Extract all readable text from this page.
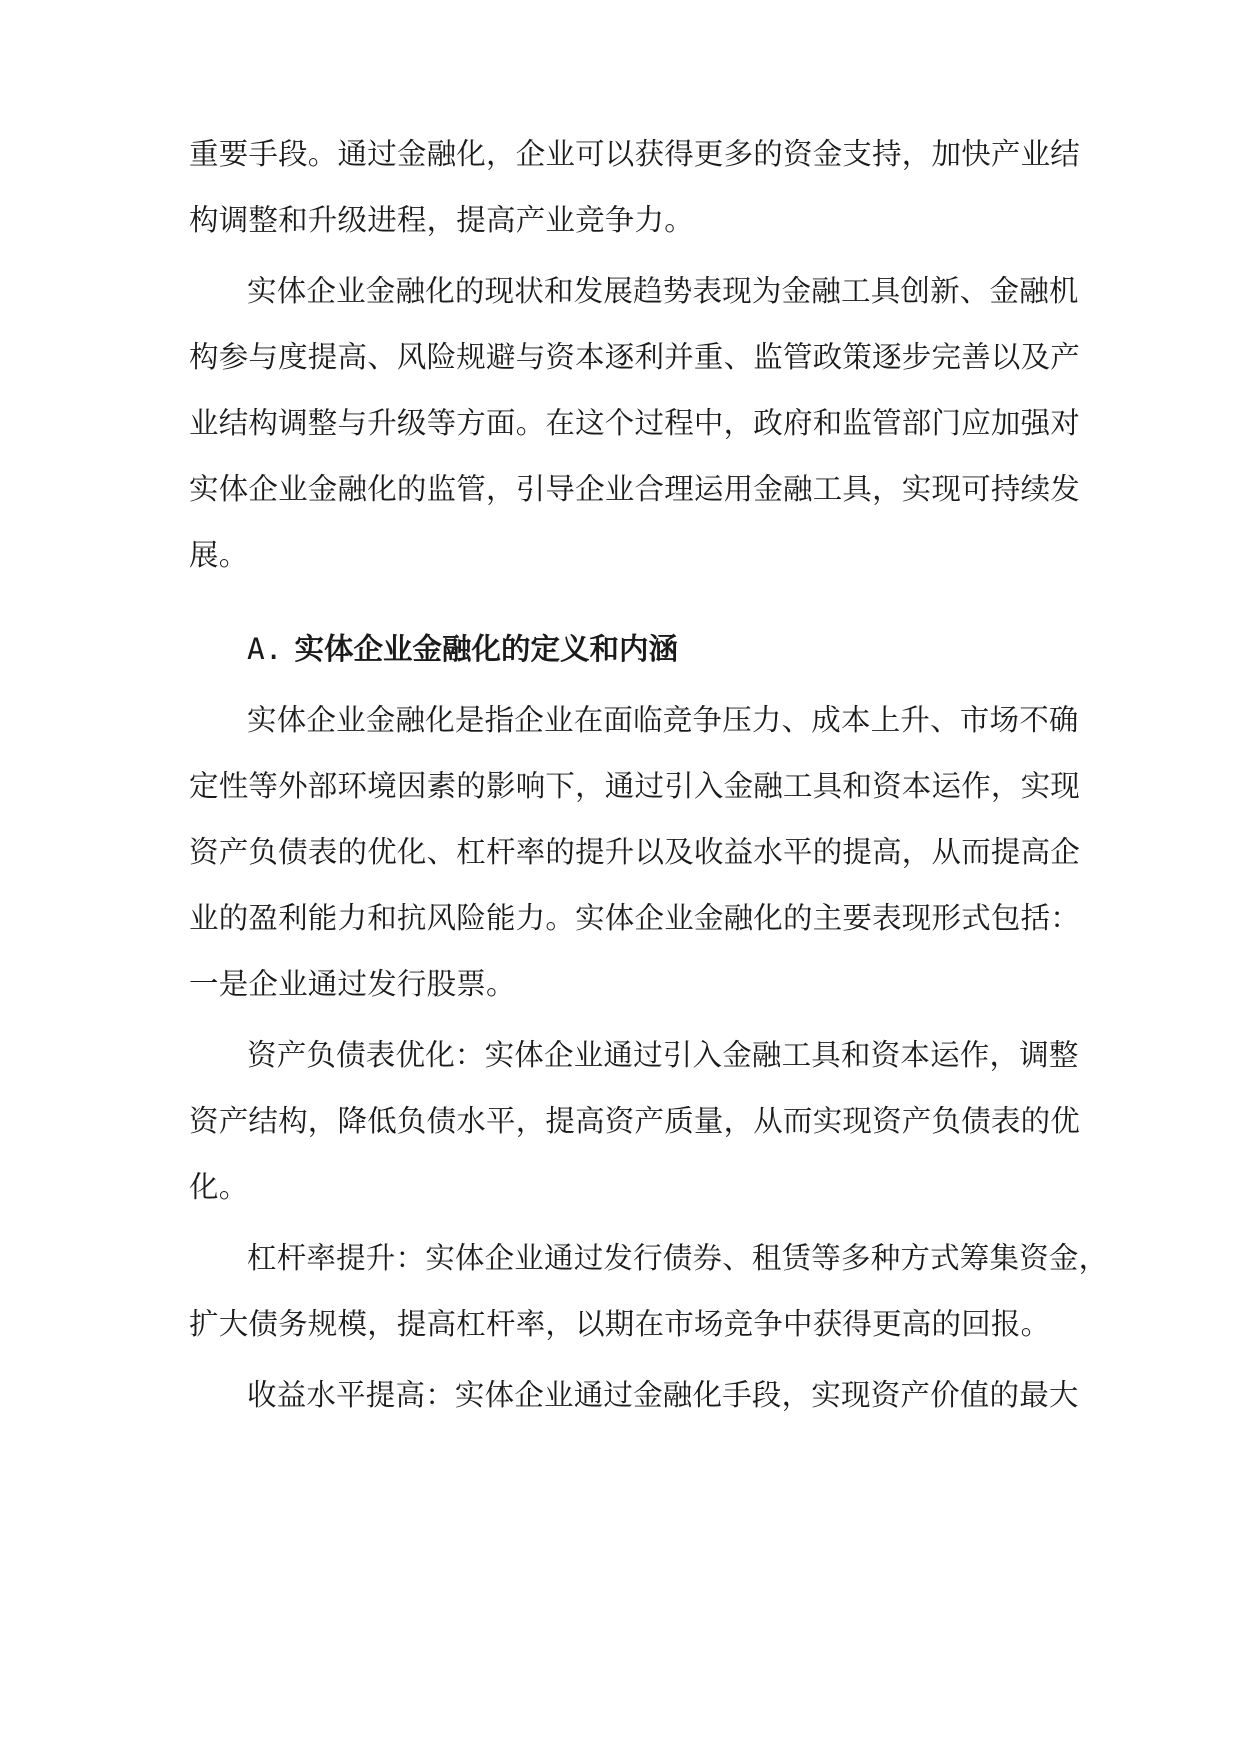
重要手段。通过金融化，企业可以获得更多的资金支持，加快产业结
构调整和升级进程，提高产业竞争力。
实体企业金融化的现状和发展趋势表现为金融工具创新、金融机
构参与度提高、风险规避与资本逐利并重、监管政策逐步完善以及产
业结构调整与升级等方面。在这个过程中，政府和监管部门应加强对
实体企业金融化的监管，引导企业合理运用金融工具，实现可持续发
展。
A. 实体企业金融化的定义和内涵
实体企业金融化是指企业在面临竞争压力、成本上升、市场不确
定性等外部环境因素的影响下，通过引入金融工具和资本运作，实现
资产负债表的优化、杠杆率的提升以及收益水平的提高，从而提高企
业的盈利能力和抗风险能力。实体企业金融化的主要表现形式包括：
一是企业通过发行股票。
资产负债表优化：实体企业通过引入金融工具和资本运作，调整
资产结构，降低负债水平，提高资产质量，从而实现资产负债表的优
化。
杠杆率提升：实体企业通过发行债券、租赁等多种方式筹集资金，
扩大债务规模，提高杠杆率，以期在市场竞争中获得更高的回报。
收益水平提高：实体企业通过金融化手段，实现资产价值的最大
